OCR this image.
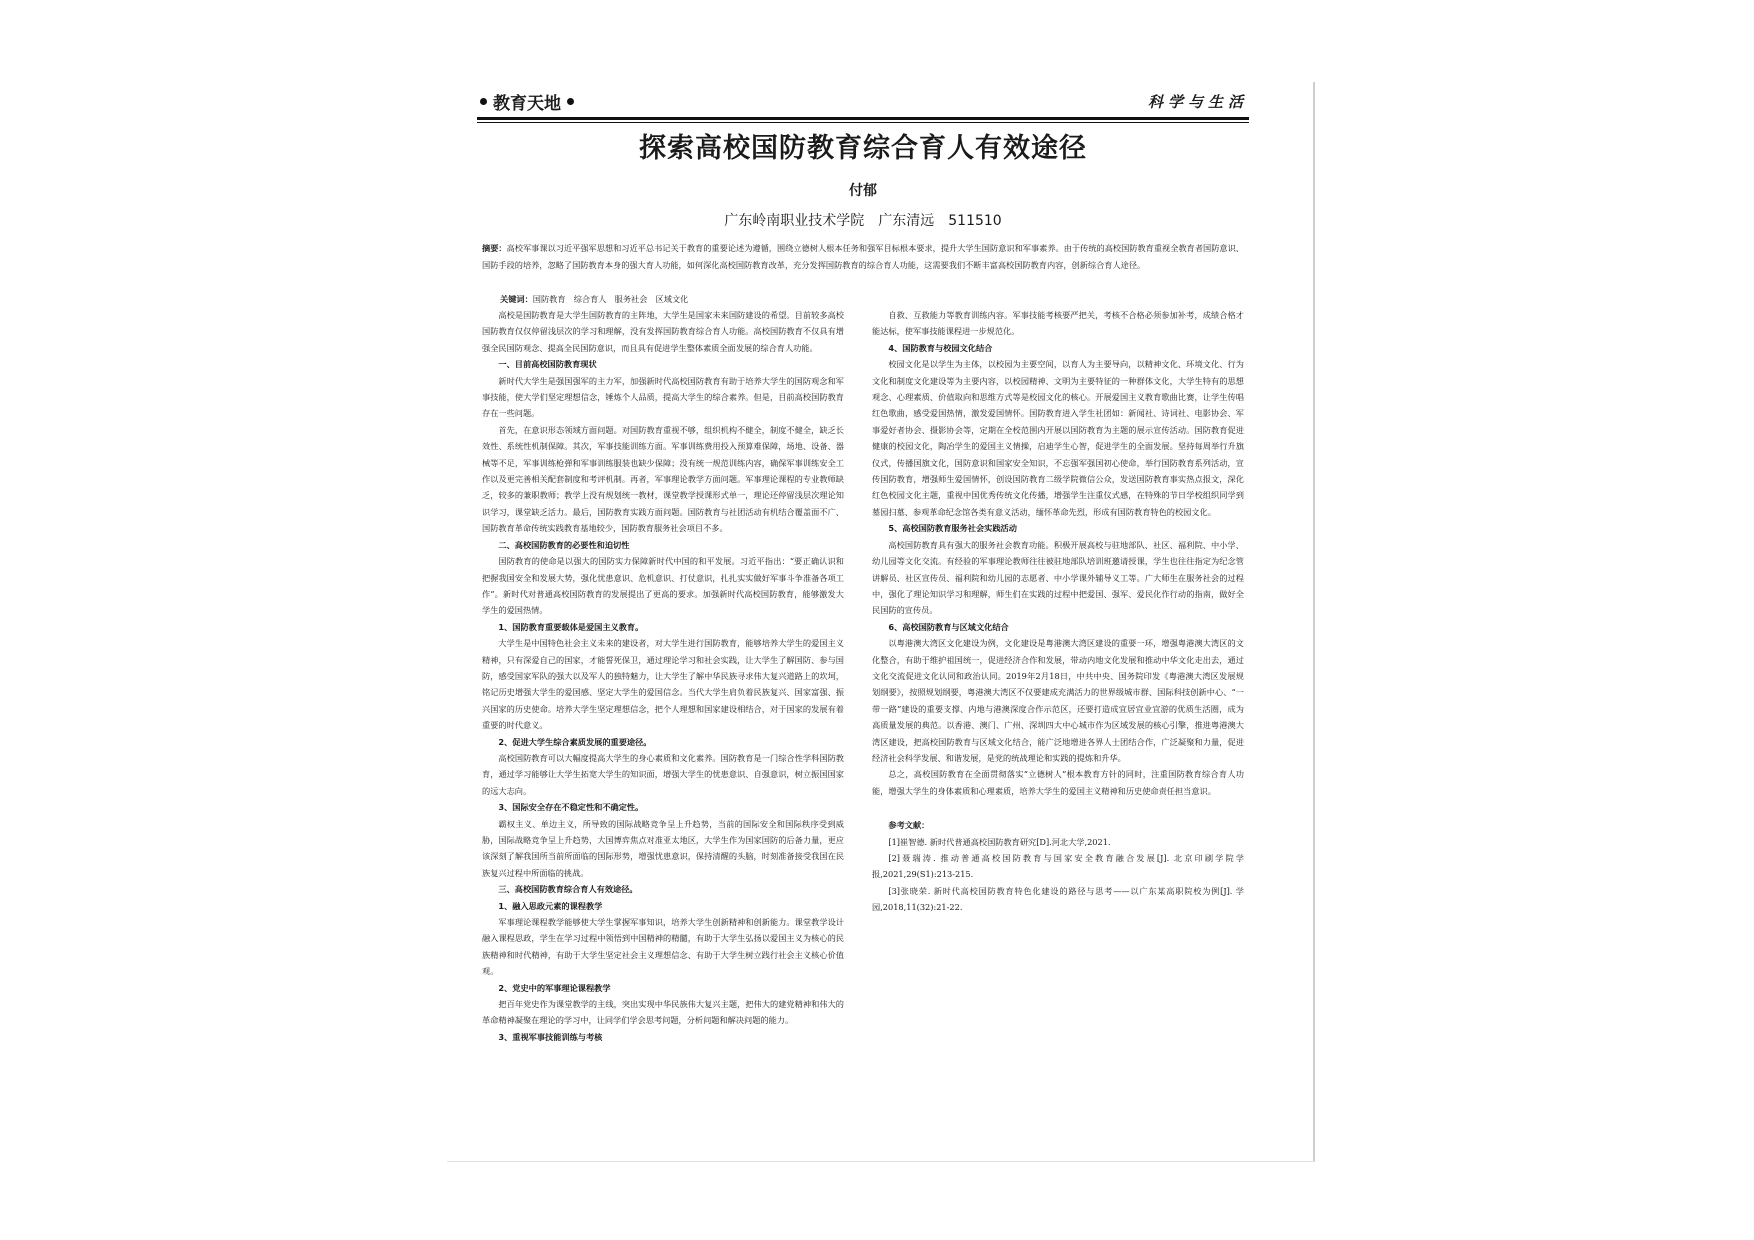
教育天地	科学与生活
探索高校国防教育综合育人有效途径
付郁
广东岭南职业技术学院　广东清远　511510
摘要：高校军事课以习近平强军思想和习近平总书记关于教育的重要论述为遵循，围绕立德树人根本任务和强军目标根本要求，提升大学生国防意识和军事素养。由于传统的高校国防教育重视全教育者国防意识、国防手段的培养，忽略了国防教育本身的强大育人功能，如何深化高校国防教育改革，充分发挥国防教育的综合育人功能，这需要我们不断丰富高校国防教育内容，创新综合育人途径。
关键词：国防教育　综合育人　服务社会　区域文化
高校是国防教育是大学生国防教育的主阵地，大学生是国家未来国防建设的希望。目前较多高校国防教育仅仅停留浅层次的学习和理解，没有发挥国防教育综合育人功能。高校国防教育不仅具有增强全民国防观念、提高全民国防意识，而且具有促进学生整体素质全面发展的综合育人功能。
一、目前高校国防教育现状
新时代大学生是强国强军的主力军，加强新时代高校国防教育有助于培养大学生的国防观念和军事技能，使大学们坚定理想信念，锤炼个人品质，提高大学生的综合素养。但是，目前高校国防教育存在一些问题。
首先，在意识形态领域方面问题。对国防教育重视不够，组织机构不健全，制度不健全，缺乏长效性、系统性机制保障。其次，军事技能训练方面。军事训练费用投入预算难保障，场地、设备、器械等不足，军事训练枪弹和军事训练服装也缺少保障；没有统一规范训练内容，确保军事训练安全工作以及更完善相关配套制度和考评机制。再者，军事理论教学方面问题。军事理论课程的专业教师缺乏，较多的兼职教师；教学上没有规划统一教材，课堂教学授课形式单一，理论还停留浅层次理论知识学习，课堂缺乏活力。最后，国防教育实践方面问题。国防教育与社团活动有机结合覆盖面不广、国防教育革命传统实践教育基地较少，国防教育服务社会项目不多。
二、高校国防教育的必要性和迫切性
国防教育的使命是以强大的国防实力保障新时代中国的和平发展。习近平指出：“要正确认识和把握我国安全和发展大势，强化忧患意识、危机意识、打仗意识，扎扎实实做好军事斗争准备各项工作”。新时代对普通高校国防教育的发展提出了更高的要求。加强新时代高校国防教育，能够激发大学生的爱国热情。
1、国防教育重要载体是爱国主义教育。
大学生是中国特色社会主义未来的建设者，对大学生进行国防教育，能够培养大学生的爱国主义精神，只有深爱自己的国家，才能誓死保卫，通过理论学习和社会实践，让大学生了解国防、参与国防，感受国家军队的强大以及军人的独特魅力，让大学生了解中华民族寻求伟大复兴道路上的坎坷，铭记历史增强大学生的爱国感、坚定大学生的爱国信念。当代大学生肩负着民族复兴、国家富强、振兴国家的历史使命。培养大学生坚定理想信念，把个人理想和国家建设相结合，对于国家的发展有着重要的时代意义。
2、促进大学生综合素质发展的重要途径。
高校国防教育可以大幅度提高大学生的身心素质和文化素养。国防教育是一门综合性学科国防教育，通过学习能够让大学生拓宽大学生的知识面，增强大学生的忧患意识、自强意识，树立振国国家的远大志向。
3、国际安全存在不稳定性和不确定性。
霸权主义、单边主义，所导致的国际战略竞争呈上升趋势，当前的国际安全和国际秩序受到威胁，国际战略竞争呈上升趋势，大国博弈焦点对准亚太地区，大学生作为国家国防的后备力量，更应该深刻了解我国所当前所面临的国际形势，增强忧患意识，保持清醒的头脑，时刻准备接受我国在民族复兴过程中所面临的挑战。
三、高校国防教育综合育人有效途径。
1、融入思政元素的课程教学
军事理论课程教学能够使大学生掌握军事知识，培养大学生创新精神和创新能力。课堂教学设计融入课程思政，学生在学习过程中领悟到中国精神的精髓，有助于大学生弘扬以爱国主义为核心的民族精神和时代精神，有助于大学生坚定社会主义理想信念、有助于大学生树立践行社会主义核心价值观。
2、党史中的军事理论课程教学
把百年党史作为课堂教学的主线，突出实现中华民族伟大复兴主题，把伟大的建党精神和伟大的革命精神凝聚在理论的学习中，让同学们学会思考问题，分析问题和解决问题的能力。
3、重视军事技能训练与考核
自救、互救能力等教育训练内容。军事技能考核要严把关，考核不合格必须参加补考，成绩合格才能达标，使军事技能课程进一步规范化。
4、国防教育与校园文化结合
校园文化是以学生为主体，以校园为主要空间，以育人为主要导向，以精神文化、环境文化、行为文化和制度文化建设等为主要内容，以校园精神、文明为主要特征的一种群体文化，大学生特有的思想观念、心理素质、价值取向和思维方式等是校园文化的核心。开展爱国主义教育歌曲比赛，让学生传唱红色歌曲，感受爱国热情，激发爱国情怀。国防教育进入学生社团如：新闻社、诗词社、电影协会、军事爱好者协会、摄影协会等，定期在全校范围内开展以国防教育为主题的展示宣传活动。国防教育促进健康的校园文化，陶冶学生的爱国主义情操，启迪学生心智，促进学生的全面发展。坚持每周举行升旗仪式，传播国旗文化，国防意识和国家安全知识，不忘强军强国初心使命，举行国防教育系列活动，宣传国防教育，增强师生爱国情怀，创设国防教育二级学院微信公众，发送国防教育事实热点报文，深化红色校园文化主题，重视中国优秀传统文化传播，增强学生注重仪式感，在特殊的节日学校组织同学到墓园扫墓、参观革命纪念馆各类有意义活动，缅怀革命先烈，形成有国防教育特色的校园文化。
5、高校国防教育服务社会实践活动
高校国防教育具有强大的服务社会教育功能。积极开展高校与驻地部队、社区、福利院、中小学、幼儿园等文化交流。有经验的军事理论教师往往被驻地部队培训班邀请授课，学生也往往指定为纪念管讲解员、社区宣传员、福利院和幼儿园的志愿者、中小学课外辅导义工等。广大师生在服务社会的过程中，强化了理论知识学习和理解，师生们在实践的过程中把爱国、强军、爱民化作行动的指南，做好全民国防的宣传员。
6、高校国防教育与区域文化结合
以粤港澳大湾区文化建设为例，文化建设是粤港澳大湾区建设的重要一环，增强粤港澳大湾区的文化整合，有助于维护祖国统一，促进经济合作和发展，带动内地文化发展和推动中华文化走出去，通过文化交流促进文化认同和政治认同。2019年2月18日，中共中央、国务院印发《粤港澳大湾区发展规划纲要》，按照规划纲要，粤港澳大湾区不仅要建成充满活力的世界级城市群、国际科技创新中心、“一带一路”建设的重要支撑、内地与港澳深度合作示范区，还要打造成宜居宜业宜游的优质生活圈，成为高质量发展的典范。以香港、澳门、广州、深圳四大中心城市作为区域发展的核心引擎，推进粤港澳大湾区建设，把高校国防教育与区域文化结合，能广泛地增进各界人士团结合作，广泛凝聚和力量，促进经济社会科学发展、和谐发展，是党的统战理论和实践的提炼和升华。
总之，高校国防教育在全面贯彻落实“立德树人”根本教育方针的同时，注重国防教育综合育人功能，增强大学生的身体素质和心理素质，培养大学生的爱国主义精神和历史使命责任担当意识。
参考文献：

[1]崔智德. 新时代普通高校国防教育研究[D].河北大学,2021.

[2]聂瑞涛. 推动普通高校国防教育与国家安全教育融合发展[J]. 北京印刷学院学报,2021,29(S1):213-215.

[3]张晓荣. 新时代高校国防教育特色化建设的路径与思考——以广东某高职院校为例[J]. 学园,2018,11(32):21-22.
